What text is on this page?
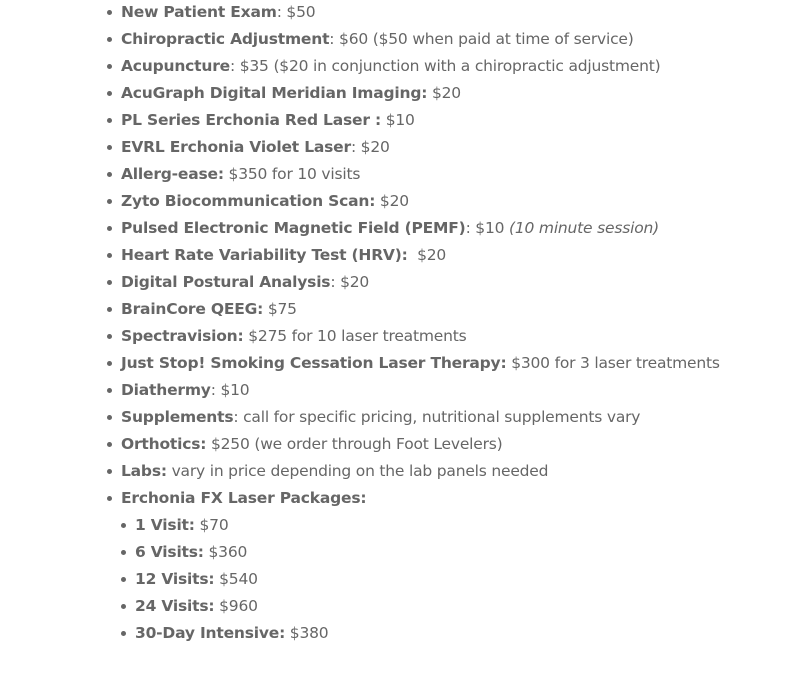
New Patient Exam: $50
Chiropractic Adjustment: $60 ($50 when paid at time of service)
Acupuncture: $35 ($20 in conjunction with a chiropractic adjustment)
AcuGraph Digital Meridian Imaging: $20
PL Series Erchonia Red Laser : $10
EVRL Erchonia Violet Laser: $20
Allerg-ease: $350 for 10 visits
Zyto Biocommunication Scan: $20
Pulsed Electronic Magnetic Field (PEMF): $10 (10 minute session)
Heart Rate Variability Test (HRV):  $20
Digital Postural Analysis: $20
BrainCore QEEG: $75
Spectravision: $275 for 10 laser treatments
Just Stop! Smoking Cessation Laser Therapy: $300 for 3 laser treatments
Diathermy: $10
Supplements: call for specific pricing, nutritional supplements vary
Orthotics: $250 (we order through Foot Levelers)
Labs: vary in price depending on the lab panels needed
Erchonia FX Laser Packages:
1 Visit: $70
6 Visits: $360
12 Visits: $540
24 Visits: $960
30-Day Intensive: $380
